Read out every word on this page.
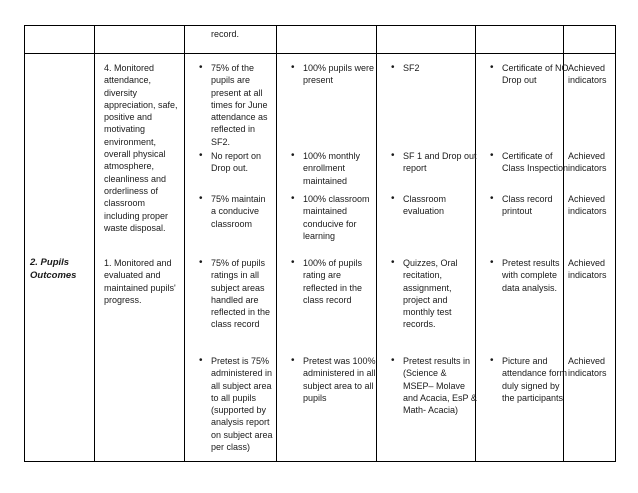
record.
4. Monitored attendance, diversity appreciation, safe, positive and motivating environment, overall physical atmosphere, cleanliness and orderliness of classroom including proper waste disposal.
• 75% of the pupils are present at all times for June attendance as reflected in SF2.
• 100% pupils were present
• SF2
•	Certificate of NO Drop out
Achieved indicators
• No report on Drop out.
• 100% monthly enrollment maintained
• SF 1 and Drop out report
• Certificate of Class Inspection
Achieved indicators
• 75% maintain a conducive classroom
• 100% classroom maintained conducive for learning
• Classroom evaluation
• Class record printout
Achieved indicators
2. Pupils Outcomes
1. Monitored and evaluated and maintained pupils' progress.
• 75% of pupils ratings in all subject areas handled are reflected in the class record
• 100% of pupils rating are reflected in the class record
• Quizzes, Oral recitation, assignment, project and monthly test records.
• Pretest results with complete data analysis.
Achieved indicators
• Pretest is 75% administered in all subject area to all pupils (supported by analysis report on subject area per class)
• Pretest was 100% administered in all subject area to all pupils
• Pretest results in (Science & MSEP– Molave and Acacia, EsP & Math- Acacia)
• Picture and attendance form duly signed by the participants
Achieved indicators
